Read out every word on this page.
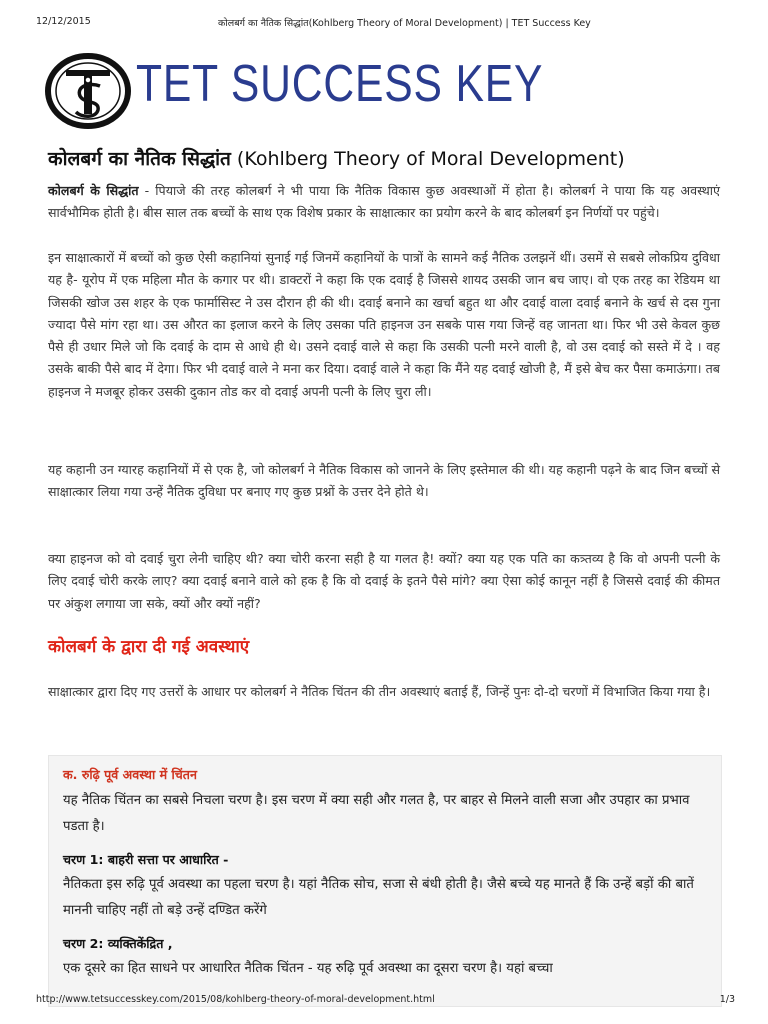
12/12/2015	कोलबर्ग का नैतिक सिद्धांत(Kohlberg Theory of Moral Development) | TET Success Key
TET SUCCESS KEY
कोलबर्ग का नैतिक सिद्धांत (Kohlberg Theory of Moral Development)

कोलबर्ग के सिद्धांत - पियाजे की तरह कोलबर्ग ने भी पाया कि नैतिक विकास कुछ अवस्थाओं में होता है। कोलबर्ग ने पाया कि यह अवस्थाएं सार्वभौमिक होती है। बीस साल तक बच्चों के साथ एक विशेष प्रकार के साक्षात्कार का प्रयोग करने के बाद कोलबर्ग इन निर्णयों पर पहुंचे।

इन साक्षात्कारों में बच्चों को कुछ ऐसी कहानियां सुनाई गई जिनमें कहानियों के पात्रों के सामने कई नैतिक उलझनें थीं। उसमें से सबसे लोकप्रिय दुविधा यह है- यूरोप में एक महिला मौत के कगार पर थी। डाक्टरों ने कहा कि एक दवाई है जिससे शायद उसकी जान बच जाए। वो एक तरह का रेडियम था जिसकी खोज उस शहर के एक फार्मासिस्ट ने उस दौरान ही की थी। दवाई बनाने का खर्चा बहुत था और दवाई वाला दवाई बनाने के खर्च से दस गुना ज्यादा पैसे मांग रहा था। उस औरत का इलाज करने के लिए उसका पति हाइनज उन सबके पास गया जिन्हें वह जानता था। फिर भी उसे केवल कुछ पैसे ही उधार मिले जो कि दवाई के दाम से आधे ही थे। उसने दवाई वाले से कहा कि उसकी पत्नी मरने वाली है, वो उस दवाई को सस्ते में दे । वह उसके बाकी पैसे बाद में देगा। फिर भी दवाई वाले ने मना कर दिया। दवाई वाले ने कहा कि मैंने यह दवाई खोजी है, मैं इसे बेच कर पैसा कमाऊंगा। तब हाइनज ने मजबूर होकर उसकी दुकान तोड कर वो दवाई अपनी पत्नी के लिए चुरा ली।

यह कहानी उन ग्यारह कहानियों में से एक है, जो कोलबर्ग ने नैतिक विकास को जानने के लिए इस्तेमाल की थी। यह कहानी पढ़ने के बाद जिन बच्चों से साक्षात्कार लिया गया उन्हें नैतिक दुविधा पर बनाए गए कुछ प्रश्नों के उत्तर देने होते थे।

क्या हाइनज को वो दवाई चुरा लेनी चाहिए थी? क्या चोरी करना सही है या गलत है! क्यों? क्या यह एक पति का कत्र्तव्य है कि वो अपनी पत्नी के लिए दवाई चोरी करके लाए? क्या दवाई बनाने वाले को हक है कि वो दवाई के इतने पैसे मांगे? क्या ऐसा कोई कानून नहीं है जिससे दवाई की कीमत पर अंकुश लगाया जा सके, क्यों और क्यों नहीं?

कोलबर्ग के द्वारा दी गई अवस्थाएं

साक्षात्कार द्वारा दिए गए उत्तरों के आधार पर कोलबर्ग ने नैतिक चिंतन की तीन अवस्थाएं बताई हैं, जिन्हें पुनः दो-दो चरणों में विभाजित किया गया है।

क. रुढ़ि पूर्व अवस्था में चिंतन

यह नैतिक चिंतन का सबसे निचला चरण है। इस चरण में क्या सही और गलत है, पर बाहर से मिलने वाली सजा और उपहार का प्रभाव पडता है।

चरण 1: बाहरी सत्ता पर आधारित -

नैतिकता इस रुढ़ि पूर्व अवस्था का पहला चरण है। यहां नैतिक सोच, सजा से बंधी होती है। जैसे बच्चे यह मानते हैं कि उन्हें बड़ों की बातें माननी चाहिए नहीं तो बड़े उन्हें दण्डित करेंगे

चरण 2: व्यक्तिकेंद्रित ,

एक दूसरे का हित साधने पर आधारित नैतिक चिंतन - यह रुढ़ि पूर्व अवस्था का दूसरा चरण है। यहां बच्चा

http://www.tetsuccesskey.com/2015/08/kohlberg-theory-of-moral-development.html	1/3
